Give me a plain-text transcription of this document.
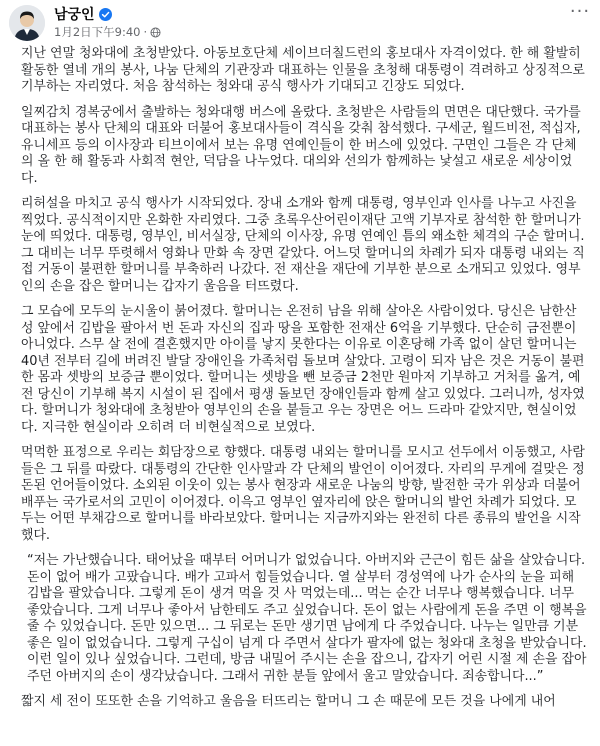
남궁인
1月2日下午9:40 ·
···

지난 연말 청와대에 초청받았다. 아동보호단체 세이브더칠드런의 홍보대사 자격이었다. 한 해 활발히 활동한 열네 개의 봉사, 나눔 단체의 기관장과 대표하는 인물을 초청해 대통령이 격려하고 상징적으로 기부하는 자리였다. 처음 참석하는 청와대 공식 행사가 기대되고 긴장도 되었다.

일찌감치 경복궁에서 출발하는 청와대행 버스에 올랐다. 초청받은 사람들의 면면은 대단했다. 국가를 대표하는 봉사 단체의 대표와 더불어 홍보대사들이 격식을 갖춰 참석했다. 구세군, 월드비전, 적십자, 유니세프 등의 이사장과 티브이에서 보는 유명 연예인들이 한 버스에 있었다. 구면인 그들은 각 단체의 올 한 해 활동과 사회적 현안, 덕담을 나누었다. 대의와 선의가 함께하는 낯설고 새로운 세상이었다.

리허설을 마치고 공식 행사가 시작되었다. 장내 소개와 함께 대통령, 영부인과 인사를 나누고 사진을 찍었다. 공식적이지만 온화한 자리였다. 그중 초록우산어린이재단 고액 기부자로 참석한 한 할머니가 눈에 띄었다. 대통령, 영부인, 비서실장, 단체의 이사장, 유명 연예인 틈의 왜소한 체격의 구순 할머니. 그 대비는 너무 뚜렷해서 영화나 만화 속 장면 같았다. 어느덧 할머니의 차례가 되자 대통령 내외는 직접 거동이 불편한 할머니를 부축하러 나갔다. 전 재산을 재단에 기부한 분으로 소개되고 있었다. 영부인의 손을 잡은 할머니는 갑자기 울음을 터뜨렸다.

그 모습에 모두의 눈시울이 붉어졌다. 할머니는 온전히 남을 위해 살아온 사람이었다. 당신은 남한산성 앞에서 김밥을 팔아서 번 돈과 자신의 집과 땅을 포함한 전재산 6억을 기부했다. 단순히 금전뿐이 아니었다. 스무 살 전에 결혼했지만 아이를 낳지 못한다는 이유로 이혼당해 가족 없이 살던 할머니는 40년 전부터 길에 버려진 발달 장애인을 가족처럼 돌보며 살았다. 고령이 되자 남은 것은 거동이 불편한 몸과 셋방의 보증금 뿐이었다. 할머니는 셋방을 뺀 보증금 2천만 원마저 기부하고 거처를 옮겨, 예전 당신이 기부해 복지 시설이 된 집에서 평생 돌보던 장애인들과 함께 살고 있었다. 그러니까, 성자였다. 할머니가 청와대에 초청받아 영부인의 손을 붙들고 우는 장면은 어느 드라마 같았지만, 현실이었다. 지극한 현실이라 오히려 더 비현실적으로 보였다.

먹먹한 표정으로 우리는 회담장으로 향했다. 대통령 내외는 할머니를 모시고 선두에서 이동했고, 사람들은 그 뒤를 따랐다. 대통령의 간단한 인사말과 각 단체의 발언이 이어졌다. 자리의 무게에 걸맞은 정돈된 언어들이었다. 소외된 이웃이 있는 봉사 현장과 새로운 나눔의 방향, 발전한 국가 위상과 더불어 배푸는 국가로서의 고민이 이어졌다. 이윽고 영부인 옆자리에 앉은 할머니의 발언 차례가 되었다. 모두는 어떤 부채감으로 할머니를 바라보았다. 할머니는 지금까지와는 완전히 다른 종류의 발언을 시작했다.

“저는 가난했습니다. 태어났을 때부터 어머니가 없었습니다. 아버지와 근근이 힘든 삶을 살았습니다. 돈이 없어 배가 고팠습니다. 배가 고파서 힘들었습니다. 열 살부터 경성역에 나가 순사의 눈을 피해 김밥을 팔았습니다. 그렇게 돈이 생겨 먹을 것 사 먹었는데... 먹는 순간 너무나 행복했습니다. 너무 좋았습니다. 그게 너무나 좋아서 남한테도 주고 싶었습니다. 돈이 없는 사람에게 돈을 주면 이 행복을 줄 수 있었습니다. 돈만 있으면... 그 뒤로는 돈만 생기면 남에게 다 주었습니다. 나누는 일만큼 기분 좋은 일이 없었습니다. 그렇게 구십이 넘게 다 주면서 살다가 팔자에 없는 청와대 초청을 받았습니다. 이런 일이 있나 싶었습니다. 그런데, 방금 내밀어 주시는 손을 잡으니, 갑자기 어린 시절 제 손을 잡아주던 아버지의 손이 생각났습니다. 그래서 귀한 분들 앞에서 울고 말았습니다. 죄송합니다...”

짧지 세 전이 또또한 손을 기억하고 울음을 터뜨리는 할머니 그 손 때문에 모든 것을 나에게 내어
